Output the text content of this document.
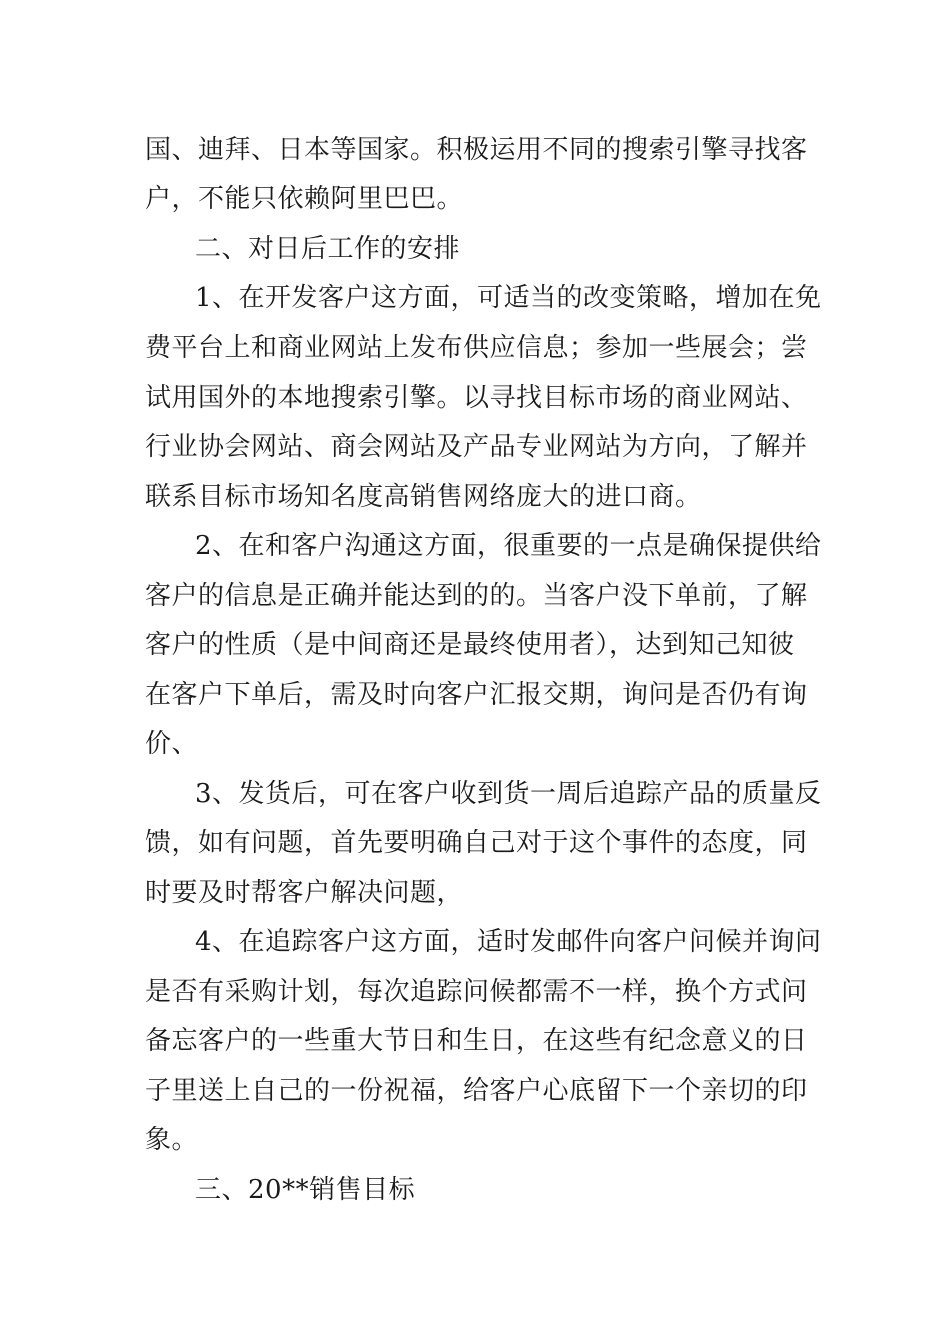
国、迪拜、日本等国家。积极运用不同的搜索引擎寻找客
户，不能只依赖阿里巴巴。
二、对日后工作的安排
1、在开发客户这方面，可适当的改变策略，增加在免
费平台上和商业网站上发布供应信息；参加一些展会；尝
试用国外的本地搜索引擎。以寻找目标市场的商业网站、
行业协会网站、商会网站及产品专业网站为方向，了解并
联系目标市场知名度高销售网络庞大的进口商。
2、在和客户沟通这方面，很重要的一点是确保提供给
客户的信息是正确并能达到的的。当客户没下单前，了解
客户的性质（是中间商还是最终使用者），达到知己知彼
在客户下单后，需及时向客户汇报交期，询问是否仍有询
价、
3、发货后，可在客户收到货一周后追踪产品的质量反
馈，如有问题，首先要明确自己对于这个事件的态度，同
时要及时帮客户解决问题，
4、在追踪客户这方面，适时发邮件向客户问候并询问
是否有采购计划，每次追踪问候都需不一样，换个方式问
备忘客户的一些重大节日和生日，在这些有纪念意义的日
子里送上自己的一份祝福，给客户心底留下一个亲切的印
象。
三、20**销售目标
